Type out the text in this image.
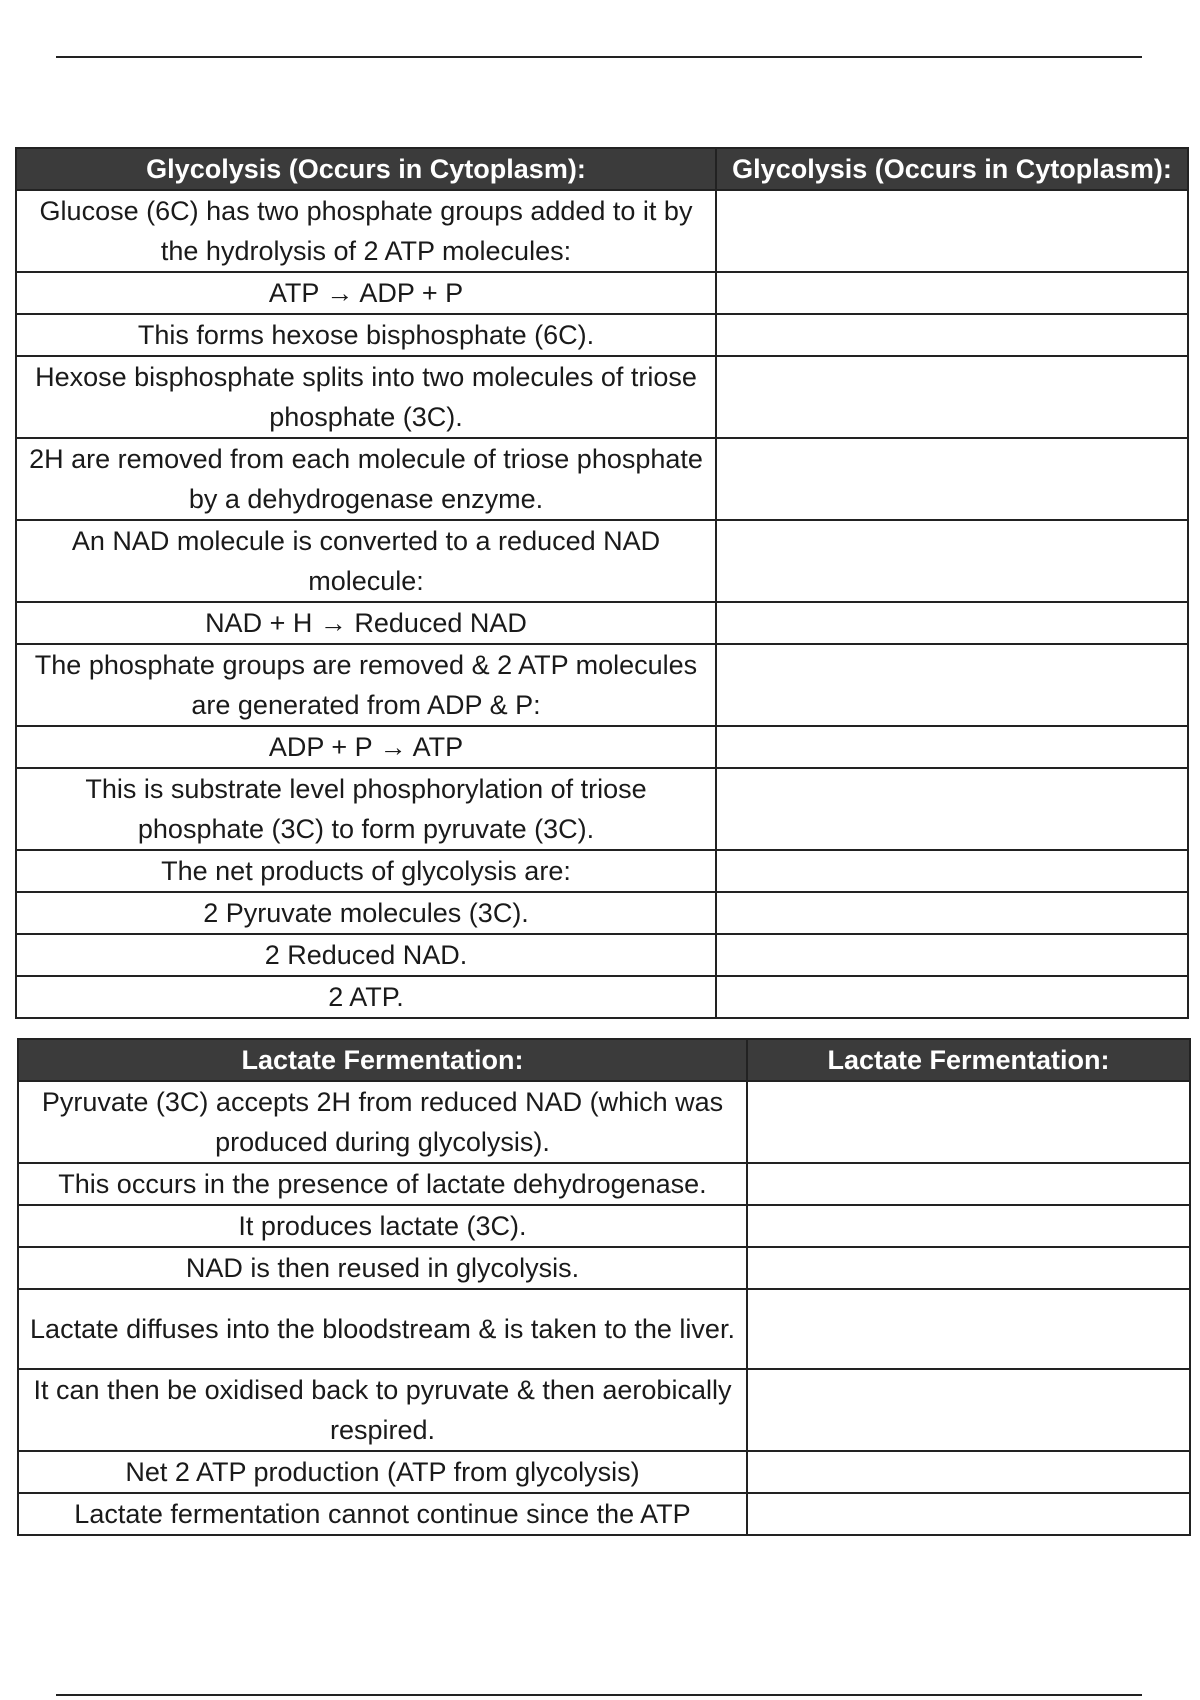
Glycolysis (Occurs in Cytoplasm):	Glycolysis (Occurs in Cytoplasm):
Glucose (6C) has two phosphate groups added to it by the hydrolysis of 2 ATP molecules:	
ATP → ADP + P	
This forms hexose bisphosphate (6C).	
Hexose bisphosphate splits into two molecules of triose phosphate (3C).	
2H are removed from each molecule of triose phosphate by a dehydrogenase enzyme.	
An NAD molecule is converted to a reduced NAD molecule:	
NAD + H → Reduced NAD	
The phosphate groups are removed & 2 ATP molecules are generated from ADP & P:	
ADP + P → ATP	
This is substrate level phosphorylation of triose phosphate (3C) to form pyruvate (3C).	
The net products of glycolysis are:	
2 Pyruvate molecules (3C).	
2 Reduced NAD.	
2 ATP.	
Lactate Fermentation:	Lactate Fermentation:
Pyruvate (3C) accepts 2H from reduced NAD (which was produced during glycolysis).	
This occurs in the presence of lactate dehydrogenase.	
It produces lactate (3C).	
NAD is then reused in glycolysis.	
Lactate diffuses into the bloodstream & is taken to the liver.	
It can then be oxidised back to pyruvate & then aerobically respired.	
Net 2 ATP production (ATP from glycolysis)	
Lactate fermentation cannot continue since the ATP	
